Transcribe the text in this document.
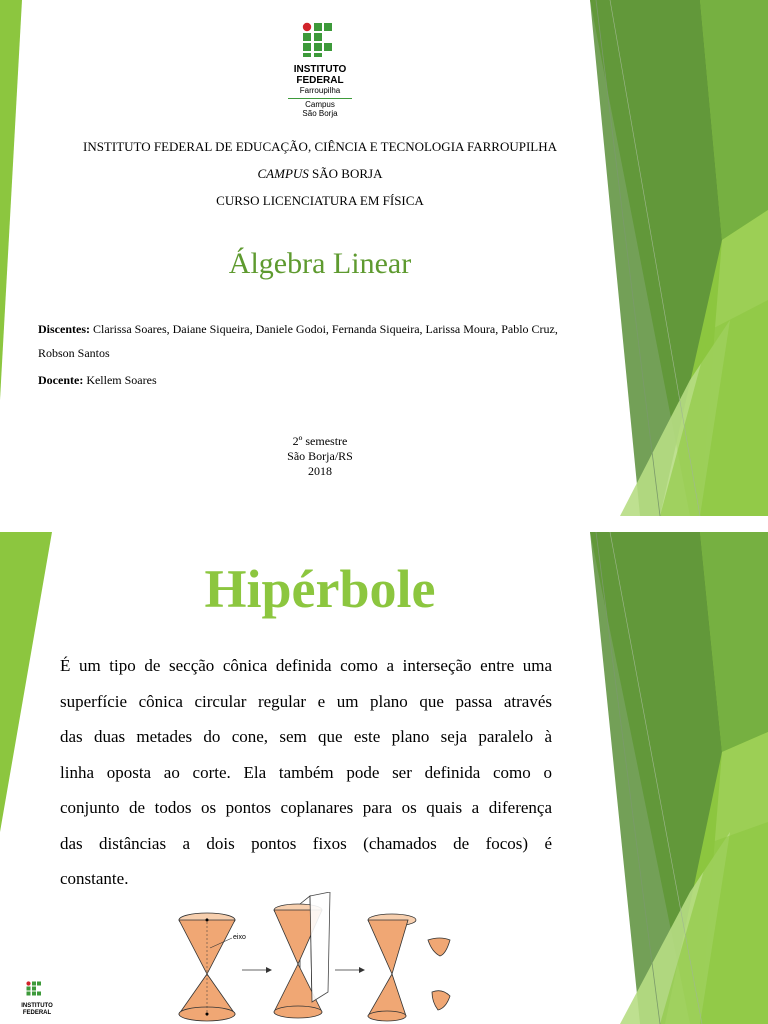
INSTITUTO
FEDERAL
Farroupilha
Campus
São Borja
INSTITUTO FEDERAL DE EDUCAÇÃO, CIÊNCIA E TECNOLOGIA FARROUPILHA
CAMPUS SÃO BORJA
CURSO LICENCIATURA EM FÍSICA
Álgebra Linear
Discentes: Clarissa Soares, Daiane Siqueira, Daniele Godoi, Fernanda Siqueira, Larissa Moura, Pablo Cruz,
Robson Santos
Docente: Kellem Soares
2º semestre
São Borja/RS
2018
Hipérbole
É um tipo de secção cônica definida como a interseção entre uma
superfície cônica circular regular e um plano que passa através
das duas metades do cone, sem que este plano seja paralelo à
linha oposta ao corte. Ela também pode ser definida como o
conjunto de todos os pontos coplanares para os quais a diferença
das distâncias a dois pontos fixos (chamados de focos) é
constante.
eixo
INSTITUTO
FEDERAL
